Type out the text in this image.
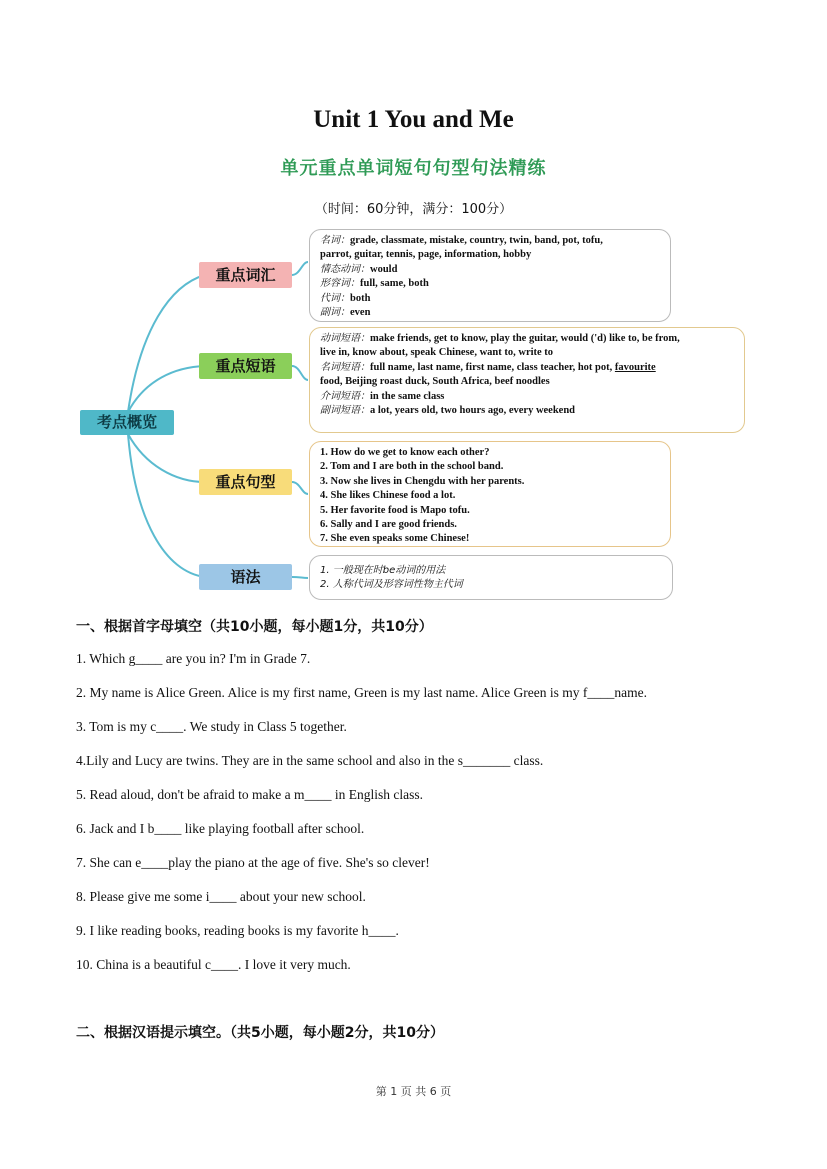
Unit 1 You and Me
单元重点单词短句句型句法精练
（时间：60分钟，满分：100分）
考点概览
重点词汇
重点短语
重点句型
语法
名词：grade, classmate, mistake, country, twin, band, pot, tofu,
parrot, guitar, tennis, page, information, hobby
情态动词：would
形容词：full, same, both
代词：both
副词：even
动词短语：make friends, get to know, play the guitar, would ('d) like to, be from,
live in, know about, speak Chinese, want to, write to
名词短语：full name, last name, first name, class teacher, hot pot, favourite
food, Beijing roast duck, South Africa, beef noodles
介词短语：in the same class
副词短语：a lot, years old, two hours ago, every weekend
1. How do we get to know each other?
2. Tom and I are both in the school band.
3. Now she lives in Chengdu with her parents.
4. She likes Chinese food a lot.
5. Her favorite food is Mapo tofu.
6. Sally and I are good friends.
7. She even speaks some Chinese!
1. 一般现在时be动词的用法
2. 人称代词及形容词性物主代词
一、根据首字母填空（共10小题，每小题1分，共10分）
1. Which g____ are you in? I'm in Grade 7.
2. My name is Alice Green. Alice is my first name, Green is my last name. Alice Green is my f____name.
3. Tom is my c____. We study in Class 5 together.
4.Lily and Lucy are twins. They are in the same school and also in the s_______ class.
5. Read aloud, don't be afraid to make a m____ in English class.
6. Jack and I b____ like playing football after school.
7. She can e____play the piano at the age of five. She's so clever!
8. Please give me some i____ about your new school.
9. I like reading books, reading books is my favorite h____.
10. China is a beautiful c____. I love it very much.
二、根据汉语提示填空。（共5小题，每小题2分，共10分）
第 1 页 共 6 页
